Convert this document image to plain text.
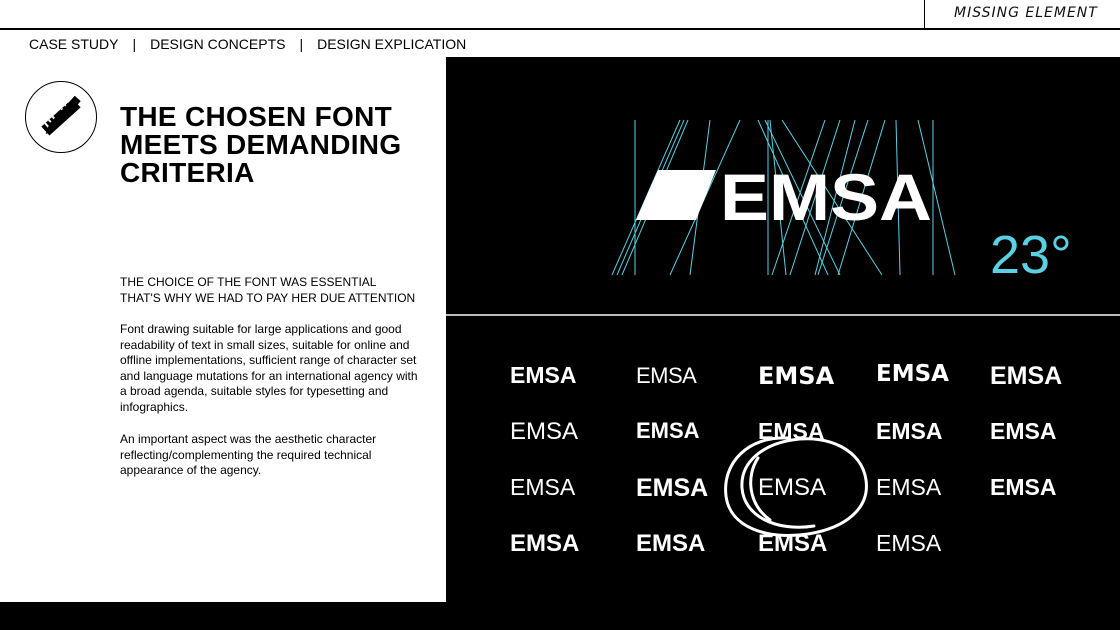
MISSING ELEMENT
CASE STUDY | DESIGN CONCEPTS | DESIGN EXPLICATION
THE CHOSEN FONT
MEETS DEMANDING
CRITERIA
THE CHOICE OF THE FONT WAS ESSENTIAL
THAT'S WHY WE HAD TO PAY HER DUE ATTENTION

Font drawing suitable for large applications and good readability of text in small sizes, suitable for online and offline implementations, sufficient range of character set and language mutations for an international agency with a broad agenda, suitable styles for typesetting and infographics.

An important aspect was the aesthetic character reflecting/complementing the required technical appearance of the agency.

EMSA
23°
EMSA	EMSA	EMSA EMSA EMSA
EMSA	EMSA	EMSA EMSA EMSA
EMSA EMSA EMSA EMSA EMSA
EMSA EMSA EMSA EMSA
